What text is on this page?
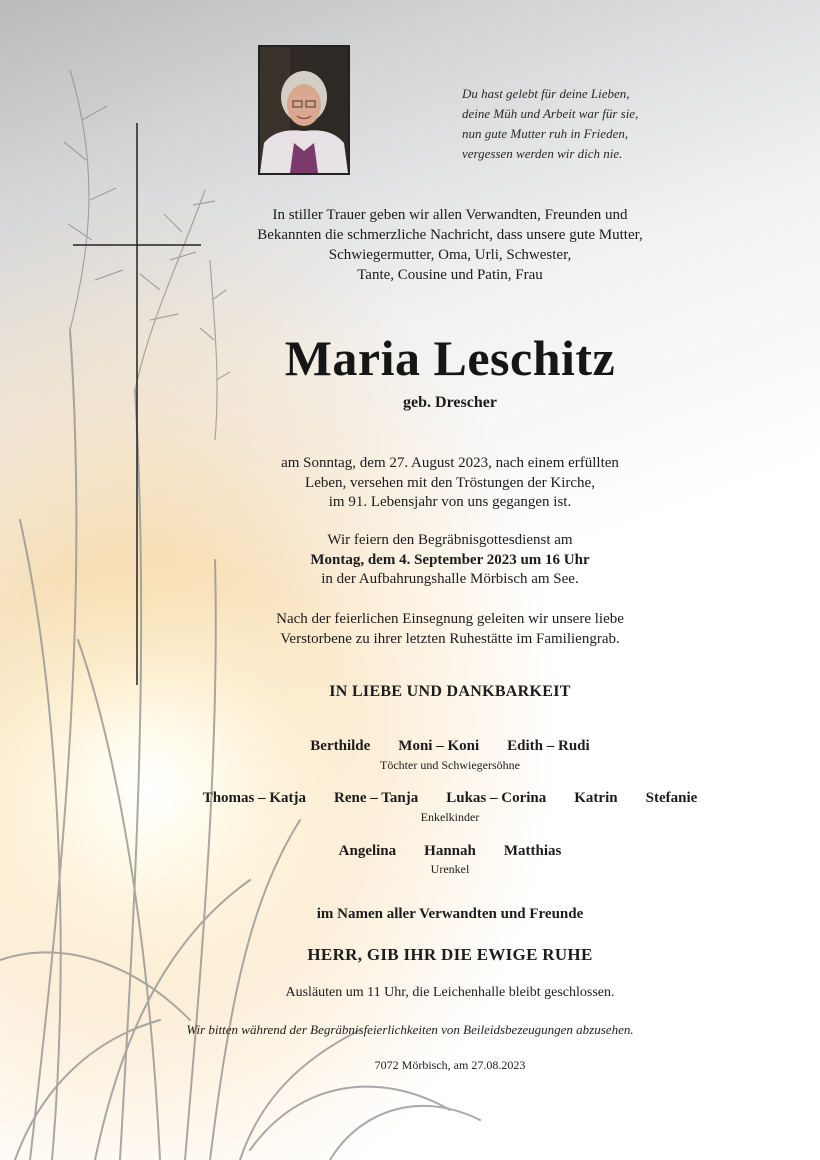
Du hast gelebt für deine Lieben,
deine Müh und Arbeit war für sie,
nun gute Mutter ruh in Frieden,
vergessen werden wir dich nie.
In stiller Trauer geben wir allen Verwandten, Freunden und
Bekannten die schmerzliche Nachricht, dass unsere gute Mutter,
Schwiegermutter, Oma, Urli, Schwester,
Tante, Cousine und Patin, Frau
Maria Leschitz
geb. Drescher
am Sonntag, dem 27. August 2023, nach einem erfüllten
Leben, versehen mit den Tröstungen der Kirche,
im 91. Lebensjahr von uns gegangen ist.
Wir feiern den Begräbnisgottesdienst am
Montag, dem 4. September 2023 um 16 Uhr
in der Aufbahrungshalle Mörbisch am See.
Nach der feierlichen Einsegnung geleiten wir unsere liebe
Verstorbene zu ihrer letzten Ruhestätte im Familiengrab.
IN LIEBE UND DANKBARKEIT
Berthilde Moni – Koni Edith – Rudi
Töchter und Schwiegersöhne
Thomas – Katja Rene – Tanja Lukas – Corina Katrin Stefanie
Enkelkinder
Angelina Hannah Matthias
Urenkel
im Namen aller Verwandten und Freunde
HERR, GIB IHR DIE EWIGE RUHE
Ausläuten um 11 Uhr, die Leichenhalle bleibt geschlossen.
Wir bitten während der Begräbnisfeierlichkeiten von Beileidsbezeugungen abzusehen.
7072 Mörbisch, am 27.08.2023
